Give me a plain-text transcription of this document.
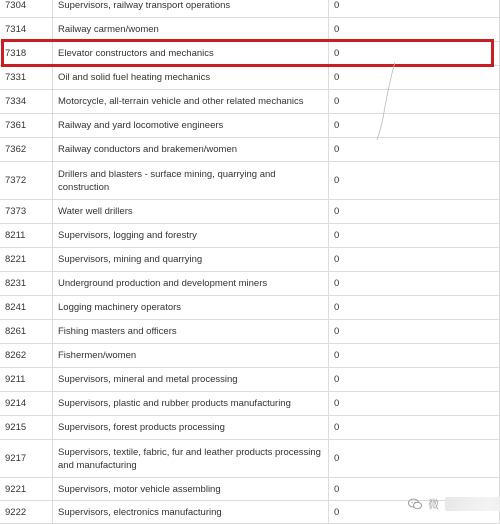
7304	Supervisors, railway transport operations	0
7314	Railway carmen/women	0
7318	Elevator constructors and mechanics	0
7331	Oil and solid fuel heating mechanics	0
7334	Motorcycle, all-terrain vehicle and other related mechanics	0
7361	Railway and yard locomotive engineers	0
7362	Railway conductors and brakemen/women	0
7372	Drillers and blasters - surface mining, quarrying and construction	0
7373	Water well drillers	0
8211	Supervisors, logging and forestry	0
8221	Supervisors, mining and quarrying	0
8231	Underground production and development miners	0
8241	Logging machinery operators	0
8261	Fishing masters and officers	0
8262	Fishermen/women	0
9211	Supervisors, mineral and metal processing	0
9214	Supervisors, plastic and rubber products manufacturing	0
9215	Supervisors, forest products processing	0
9217	Supervisors, textile, fabric, fur and leather products processing and manufacturing	0
9221	Supervisors, motor vehicle assembling	0
9222	Supervisors, electronics manufacturing	0
微
